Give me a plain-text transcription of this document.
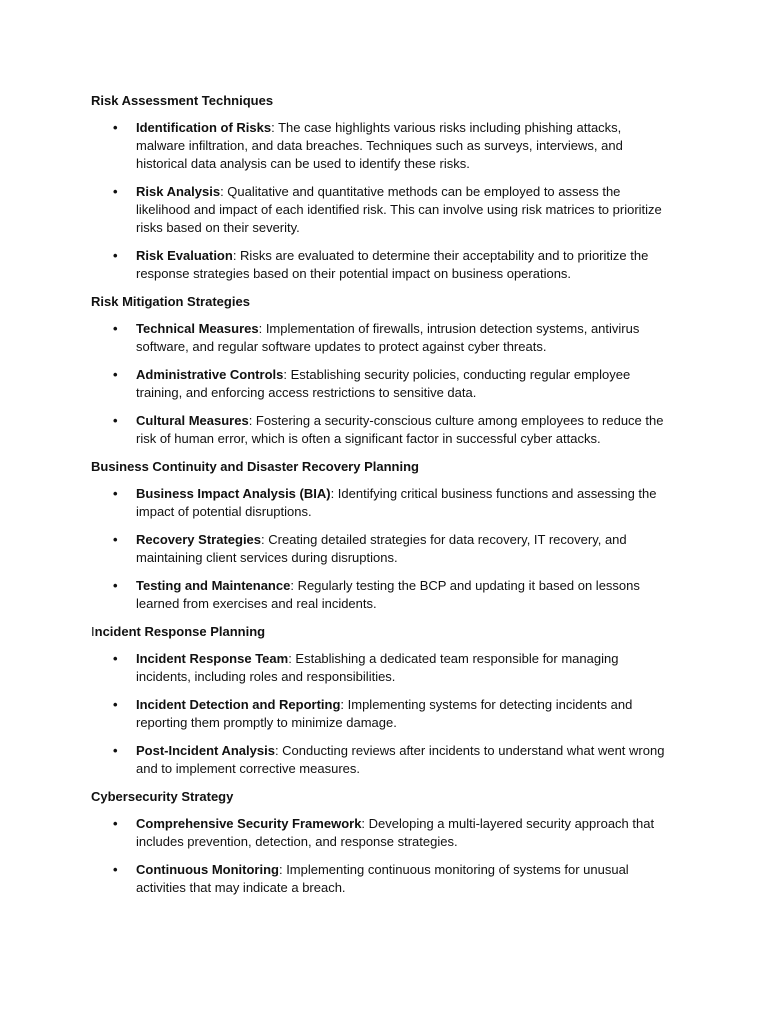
Risk Assessment Techniques
• Identification of Risks: The case highlights various risks including phishing attacks, malware infiltration, and data breaches. Techniques such as surveys, interviews, and historical data analysis can be used to identify these risks.
• Risk Analysis: Qualitative and quantitative methods can be employed to assess the likelihood and impact of each identified risk. This can involve using risk matrices to prioritize risks based on their severity.
• Risk Evaluation: Risks are evaluated to determine their acceptability and to prioritize the response strategies based on their potential impact on business operations.
Risk Mitigation Strategies
• Technical Measures: Implementation of firewalls, intrusion detection systems, antivirus software, and regular software updates to protect against cyber threats.
• Administrative Controls: Establishing security policies, conducting regular employee training, and enforcing access restrictions to sensitive data.
• Cultural Measures: Fostering a security-conscious culture among employees to reduce the risk of human error, which is often a significant factor in successful cyber attacks.
Business Continuity and Disaster Recovery Planning
• Business Impact Analysis (BIA): Identifying critical business functions and assessing the impact of potential disruptions.
• Recovery Strategies: Creating detailed strategies for data recovery, IT recovery, and maintaining client services during disruptions.
• Testing and Maintenance: Regularly testing the BCP and updating it based on lessons learned from exercises and real incidents.
Incident Response Planning
• Incident Response Team: Establishing a dedicated team responsible for managing incidents, including roles and responsibilities.
• Incident Detection and Reporting: Implementing systems for detecting incidents and reporting them promptly to minimize damage.
• Post-Incident Analysis: Conducting reviews after incidents to understand what went wrong and to implement corrective measures.
Cybersecurity Strategy
• Comprehensive Security Framework: Developing a multi-layered security approach that includes prevention, detection, and response strategies.
• Continuous Monitoring: Implementing continuous monitoring of systems for unusual activities that may indicate a breach.
